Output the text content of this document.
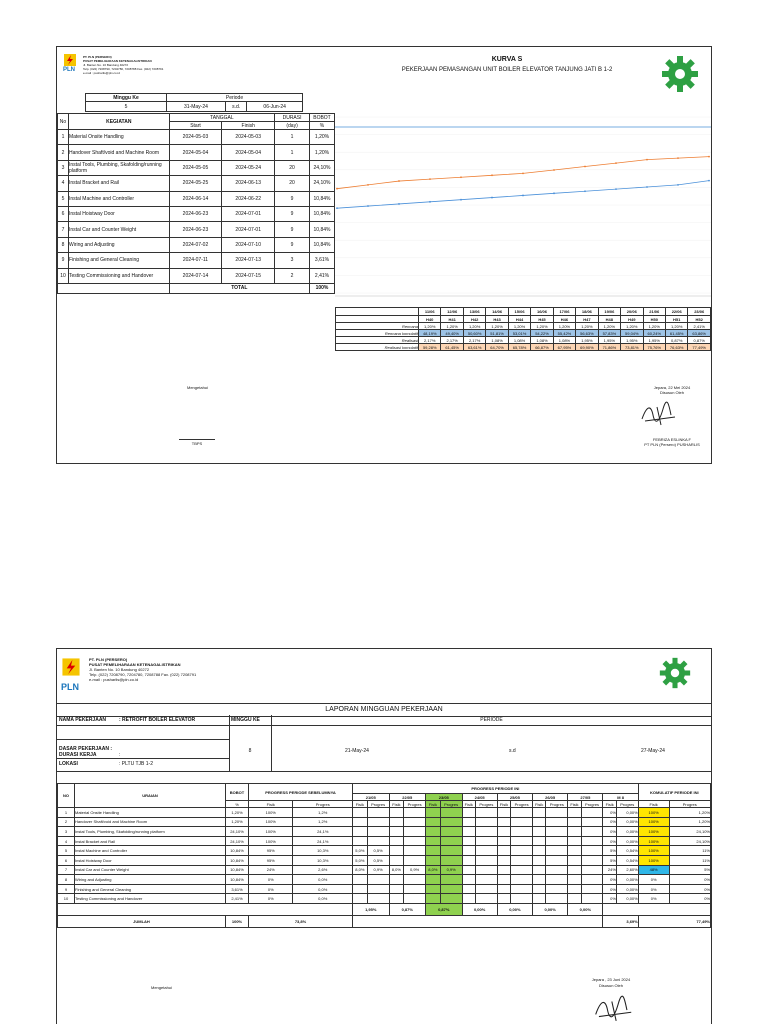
PLN
PT. PLN (PERSERO)
PUSAT PEMELIHARAAN KETENAGALISTRIKAN
Jl. Banten No. 10 Bandung 40272
Telp. (022) 7208790, 7204780, 7208788 Fax. (022) 7208791
e-mail : pusharlis@pln.co.id
KURVA S
PEKERJAAN PEMASANGAN UNIT BOILER ELEVATOR TANJUNG JATI B 1-2
Minggu Ke	Periode		
5	31-May-24	s.d.	06-Jun-24
No	KEGIATAN	TANGGAL		DURASI	BOBOT
		Start	Finish	(day)	%
1	Material Onsite Handling	2024-05-03	2024-05-03	1	1,20%
2	Handover Shaft/void and Machine Room	2024-05-04	2024-05-04	1	1,20%
3	Instal Tools, Plumbing, Skafolding/running platform	2024-05-05	2024-05-24	20	24,10%
4	Instal Bracket and Rail	2024-05-25	2024-06-13	20	24,10%
5	Instal Machine and Controller	2024-06-14	2024-06-22	9	10,84%
6	Instal Hoistway Door	2024-06-23	2024-07-01	9	10,84%
7	Instal Car and Counter Weight	2024-06-23	2024-07-01	9	10,84%
8	Wiring and Adjusting	2024-07-02	2024-07-10	9	10,84%
9	Finishing and General Cleaning	2024-07-11	2024-07-13	3	3,61%
10	Testing Commissioning and Handover	2024-07-14	2024-07-15	2	2,41%
		TOTAL			100%
	11/06	12/06	13/06	14/06	15/06	16/06	17/06	18/06	19/06	20/06	21/06	22/06	23/06
	H40	H41	H42	H43	H44	H45	H46	H47	H48	H49	H50	H51	H52
Rencana	1,20%	1,20%	1,20%	1,20%	1,20%	1,20%	1,20%	1,20%	1,20%	1,20%	1,20%	1,20%	2,41%
Rencana komulatif	48,19%	49,40%	50,60%	51,81%	53,01%	54,22%	55,42%	56,63%	57,83%	59,04%	60,24%	61,45%	63,86%
Realisasi	2,17%	2,17%	2,17%	1,08%	1,08%	1,08%	1,08%	1,95%	1,95%	1,95%	1,95%	0,87%	0,87%
Realisasi komulatif	59,28%	61,45%	63,61%	64,70%	65,78%	66,87%	67,95%	69,90%	71,86%	73,81%	75,76%	76,63%	77,49%
Mengetahui
TBPS
Jepara, 22 Mei 2024
Disusun Oleh
FEBRIZA ESLINKA F
PT PLN (Persero) PUSHARLIS
PLN
PT. PLN (PERSERO)
PUSAT PEMELIHARAAN KETENAGALISTRIKAN
Jl. Banten No. 10 Bandung 40272
Telp. (022) 7208790, 7204780, 7208788 Fax. (022) 7208791
e-mail : pusharlis@pln.co.id
LAPORAN MINGGUAN PEKERJAAN
NAMA PEKERJAAN	: RETROFIT BOILER ELEVATOR	MINGGU KE	PERIODE
DASAR PEKERJAAN :
DURASI KERJA	:
LOKASI	: PLTU TJB 1-2
8	21-May-24	s.d	27-May-24
NO	URAIAN	BOBOT	PROGRESS PERIODE SEBELUMNYA		PROGRESS PERIODE INI																KOMULATIF PERIODE INI	
					21/05		22/05		23/05		24/05		25/05		26/05		27/05		M 8			
		%	Fisik	Progres	Fisik	Progres	Fisik	Progres	Fisik	Progres	Fisik	Progres	Fisik	Progres	Fisik	Progres	Fisik	Progres	Fisik	Progres	Fisik	Progres
1	Material Onsite Handling	1,20%	100%	1,2%															0%	0,00%	100%	1,20%
2	Handover Shaft/void and Machine Room	1,20%	100%	1,2%															0%	0,00%	100%	1,20%
3	Instal Tools, Plumbing, Skafolding/running platform	24,10%	100%	24,1%															0%	0,00%	100%	24,10%
4	Instal Bracket and Rail	24,10%	100%	24,1%															0%	0,00%	100%	24,10%
5	Instal Machine and Controller	10,84%	95%	10,3%	5,0%	0,5%													5%	0,54%	100%	11%
6	Instal Hoistway Door	10,84%	95%	10,3%	5,0%	0,5%													5%	0,54%	100%	11%
7	Instal Car and Counter Weight	10,84%	24%	2,6%	8,0%	0,9%	8,0%	0,9%	8,0%	0,9%									24%	2,60%	48%	5%
8	Wiring and Adjusting	10,84%	0%	0,0%															0%	0,00%	0%	0%
9	Finishing and General Cleaning	3,61%	0%	0,0%															0%	0,00%	0%	0%
10	Testing Commissioning and Handover	2,41%	0%	0,0%															0%	0,00%	0%	0%
					1,95%		0,87%		0,87%		0,00%		0,00%		0,00%		0,00%					
JUMLAH		100%	73,8%																3,69%		77,49%	
Mengetahui
Jepara , 23 Juni 2024
Disusun Oleh
